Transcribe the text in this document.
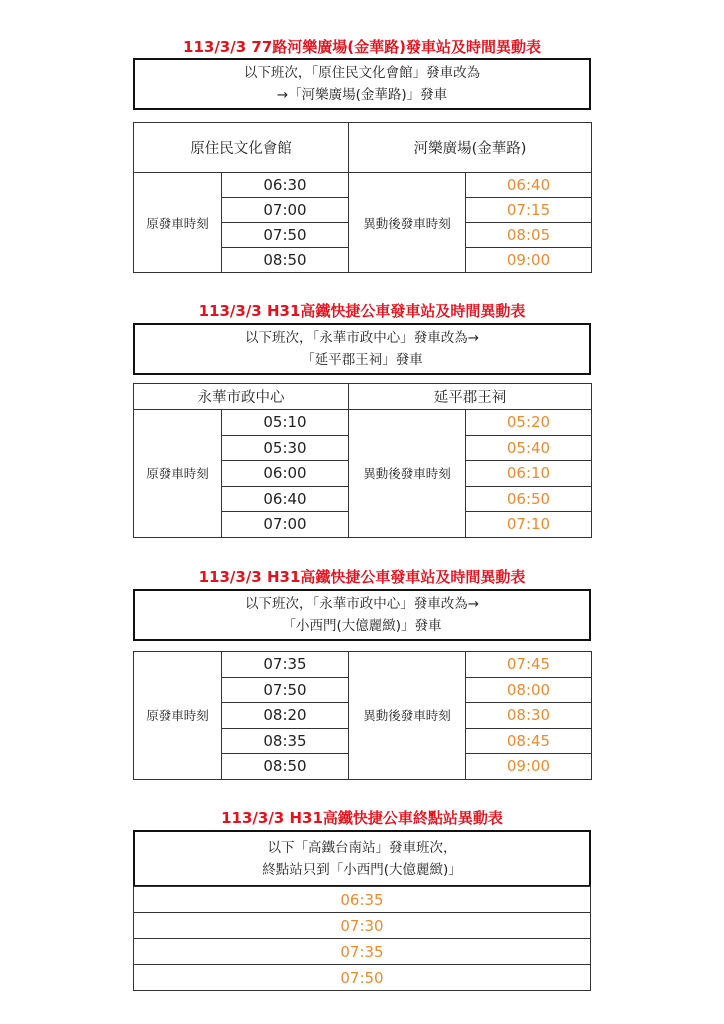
113/3/3 77路河樂廣場(金華路)發車站及時間異動表
以下班次，「原住民文化會館」發車改為
→「河樂廣場(金華路)」發車
原住民文化會館		河樂廣場(金華路)	
原發車時刻	06:30	異動後發車時刻	06:40
	07:00		07:15
	07:50		08:05
	08:50		09:00
113/3/3 H31高鐵快捷公車發車站及時間異動表
以下班次，「永華市政中心」發車改為→
「延平郡王祠」發車
永華市政中心		延平郡王祠	
原發車時刻	05:10	異動後發車時刻	05:20
	05:30		05:40
	06:00		06:10
	06:40		06:50
	07:00		07:10
113/3/3 H31高鐵快捷公車發車站及時間異動表
以下班次，「永華市政中心」發車改為→
「小西門(大億麗緻)」發車
原發車時刻	07:35	異動後發車時刻	07:45
	07:50		08:00
	08:20		08:30
	08:35		08:45
	08:50		09:00
113/3/3 H31高鐵快捷公車終點站異動表
以下「高鐵台南站」發車班次，
終點站只到「小西門(大億麗緻)」
06:35
07:30
07:35
07:50
